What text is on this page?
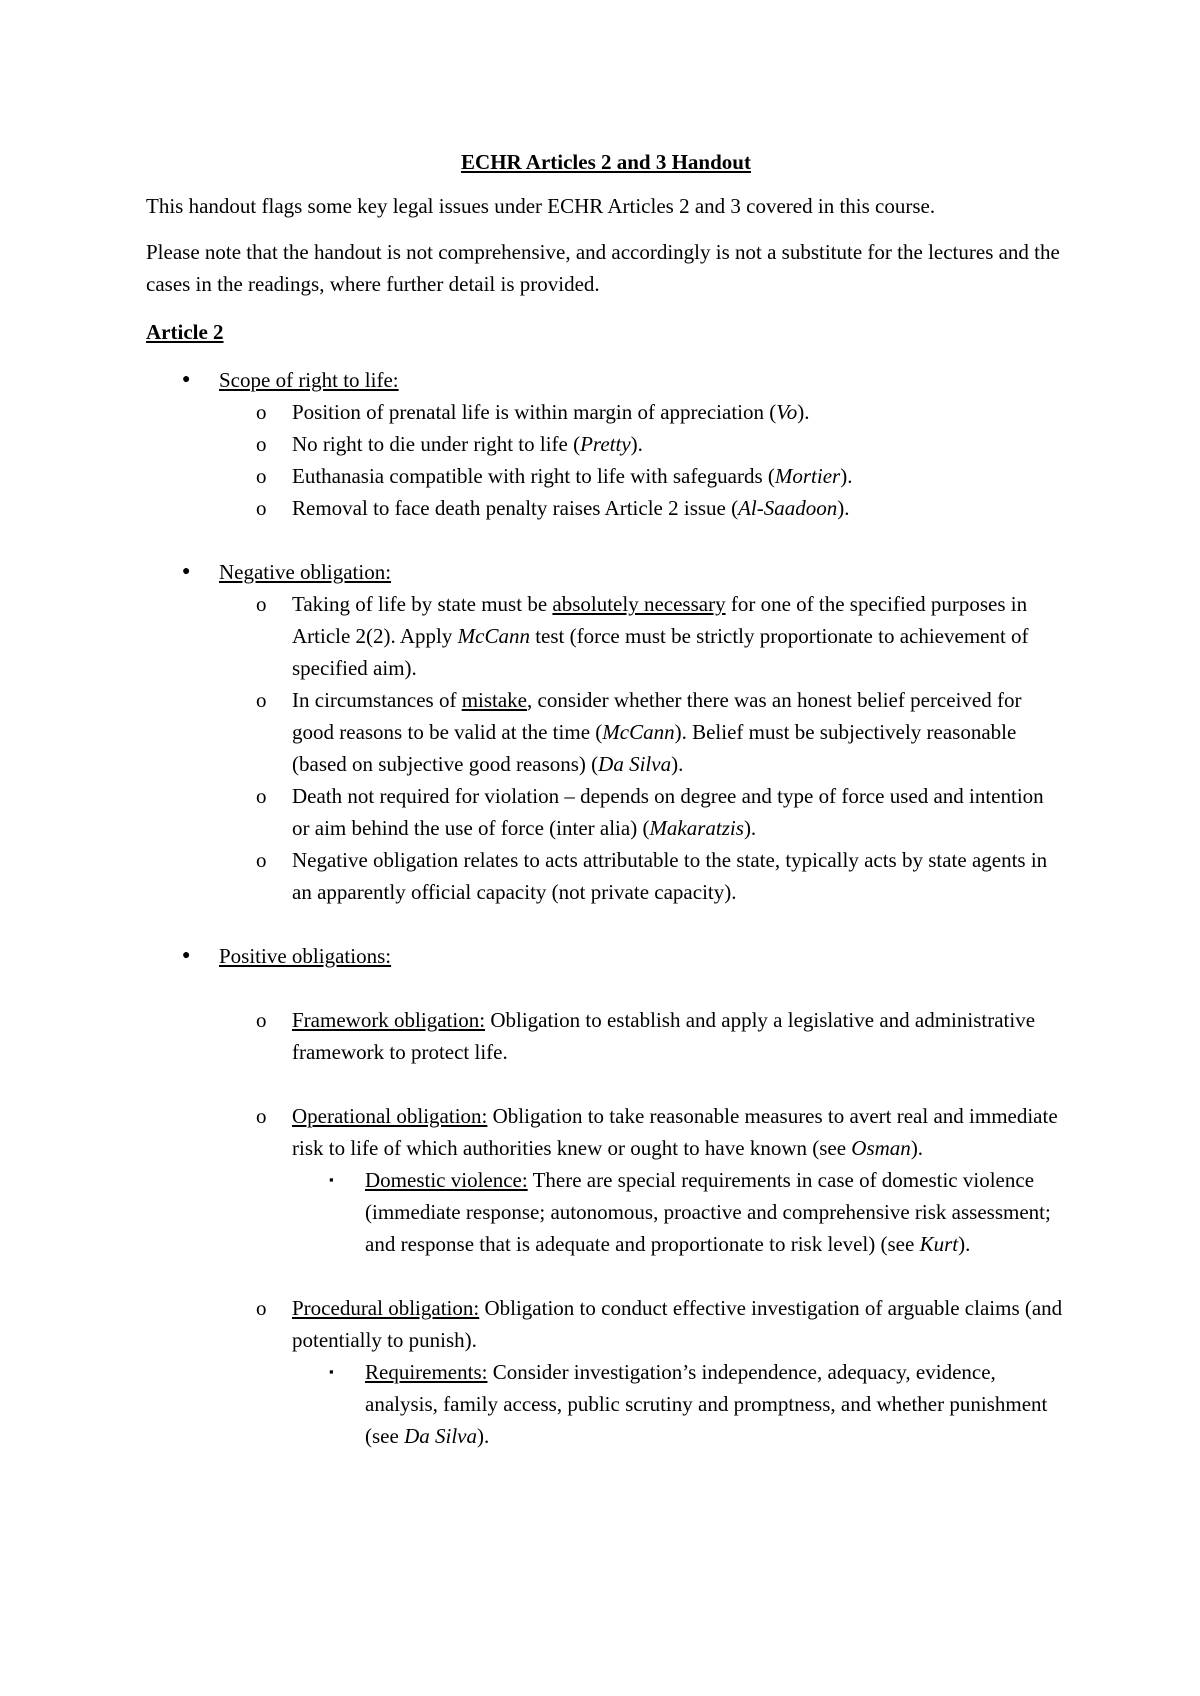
ECHR Articles 2 and 3 Handout

This handout flags some key legal issues under ECHR Articles 2 and 3 covered in this course.

Please note that the handout is not comprehensive, and accordingly is not a substitute for the lectures and the cases in the readings, where further detail is provided.

Article 2

● Scope of right to life:
o Position of prenatal life is within margin of appreciation (Vo).
o No right to die under right to life (Pretty).
o Euthanasia compatible with right to life with safeguards (Mortier).
o Removal to face death penalty raises Article 2 issue (Al-Saadoon).
● Negative obligation:
o Taking of life by state must be absolutely necessary for one of the specified purposes in Article 2(2). Apply McCann test (force must be strictly proportionate to achievement of specified aim).
o In circumstances of mistake, consider whether there was an honest belief perceived for good reasons to be valid at the time (McCann). Belief must be subjectively reasonable (based on subjective good reasons) (Da Silva).
o Death not required for violation – depends on degree and type of force used and intention or aim behind the use of force (inter alia) (Makaratzis).
o Negative obligation relates to acts attributable to the state, typically acts by state agents in an apparently official capacity (not private capacity).
● Positive obligations:
o Framework obligation: Obligation to establish and apply a legislative and administrative framework to protect life.
o Operational obligation: Obligation to take reasonable measures to avert real and immediate risk to life of which authorities knew or ought to have known (see Osman).
▪ Domestic violence: There are special requirements in case of domestic violence (immediate response; autonomous, proactive and comprehensive risk assessment; and response that is adequate and proportionate to risk level) (see Kurt).
o Procedural obligation: Obligation to conduct effective investigation of arguable claims (and potentially to punish).
▪ Requirements: Consider investigation’s independence, adequacy, evidence, analysis, family access, public scrutiny and promptness, and whether punishment (see Da Silva).
